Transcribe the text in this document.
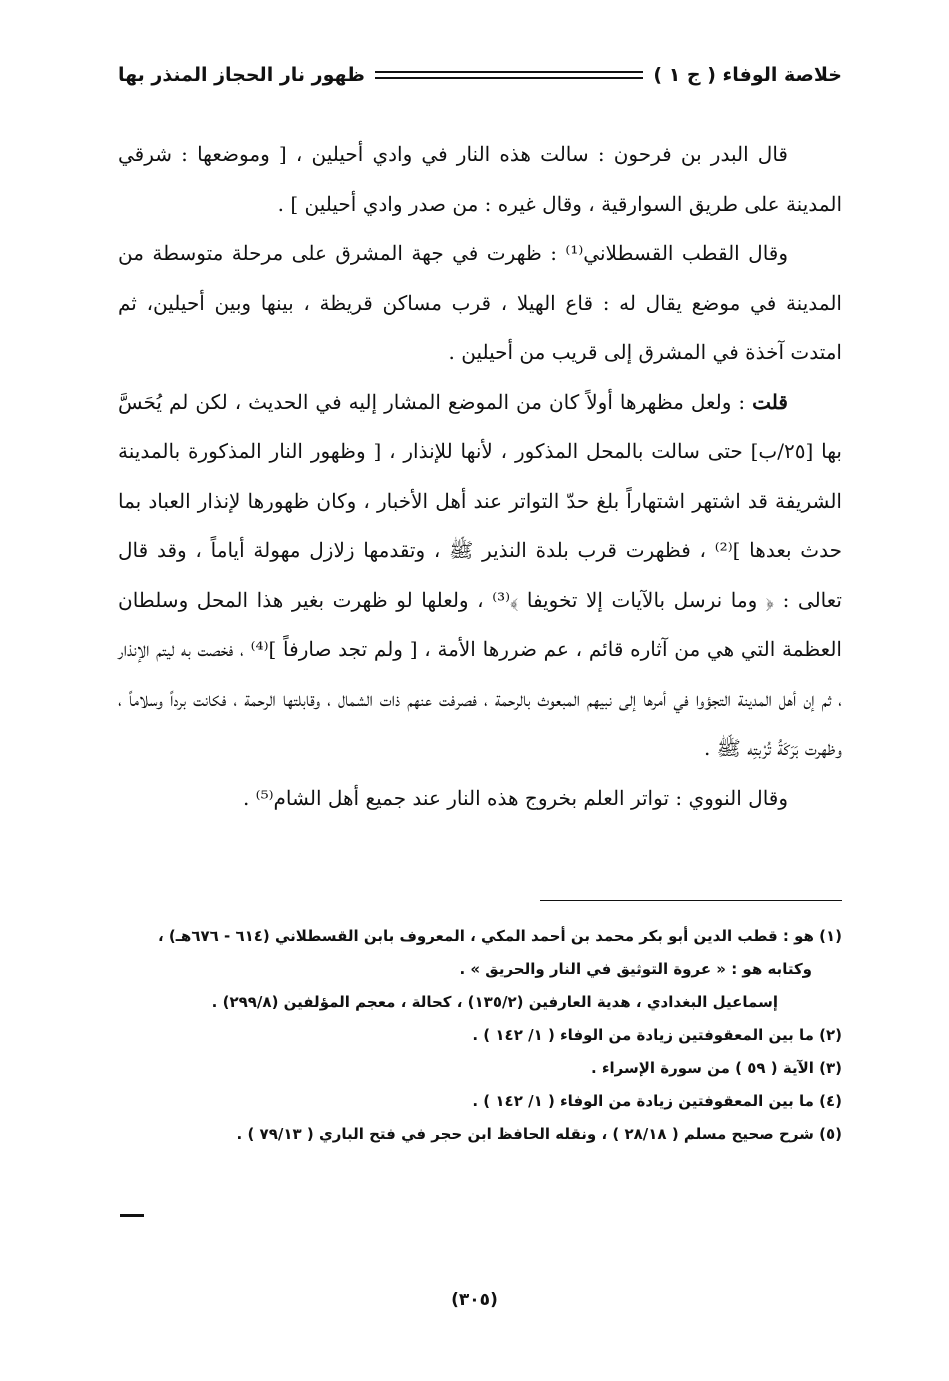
خلاصة الوفاء ( ج ١ )
ظهور نار الحجاز المنذر بها

قال البدر بن فرحون : سالت هذه النار في وادي أحيلين ، [ وموضعها : شرقي المدينة على طريق السوارقية ، وقال غيره : من صدر وادي أحيلين ] .

وقال القطب القسطلاني⁽¹⁾ : ظهرت في جهة المشرق على مرحلة متوسطة من المدينة في موضع يقال له : قاع الهيلا ، قرب مساكن قريظة ، بينها وبين أحيلين، ثم امتدت آخذة في المشرق إلى قريب من أحيلين .

قلت : ولعل مظهرها أولاً كان من الموضع المشار إليه في الحديث ، لكن لم يُحَسَّ بها [٢٥/ب] حتى سالت بالمحل المذكور ، لأنها للإنذار ، [ وظهور النار المذكورة بالمدينة الشريفة قد اشتهر اشتهاراً بلغ حدّ التواتر عند أهل الأخبار ، وكان ظهورها لإنذار العباد بما حدث بعدها ]⁽²⁾ ، فظهرت قرب بلدة النذير ﷺ ، وتقدمها زلازل مهولة أياماً ، وقد قال تعالى : ﴿ وما نرسل بالآيات إلا تخويفا ﴾⁽³⁾ ، ولعلها لو ظهرت بغير هذا المحل وسلطان العظمة التي هي من آثاره قائم ، عم ضررها الأمة ، [ ولم تجد صارفاً ]⁽⁴⁾ ، فخصت به ليتم الإنذار ، ثم إن أهل المدينة التجؤوا في أمرها إلى نبيهم المبعوث بالرحمة ، فصرفت عنهم ذات الشمال ، وقابلتها الرحمة ، فكانت برداً وسلاماً ، وظهرت بَرَكَةُ تُرْبتِه ﷺ .

وقال النووي : تواتر العلم بخروج هذه النار عند جميع أهل الشام⁽⁵⁾ .

(١) هو : قطب الدين أبو بكر محمد بن أحمد المكي ، المعروف بابن القسطلاني (٦١٤ - ٦٧٦هـ) ،

وكتابه هو : « عروة التوثيق في النار والحريق » .

إسماعيل البغدادي ، هدية العارفين (١٣٥/٢) ، كحالة ، معجم المؤلفين (٢٩٩/٨) .

(٢) ما بين المعقوفتين زيادة من الوفاء ( ١/ ١٤٢ ) .

(٣) الآية ( ٥٩ ) من سورة الإسراء .

(٤) ما بين المعقوفتين زيادة من الوفاء ( ١/ ١٤٢ ) .

(٥) شرح صحيح مسلم ( ٢٨/١٨ ) ، ونقله الحافظ ابن حجر في فتح الباري ( ٧٩/١٣ ) .

(٣٠٥)
